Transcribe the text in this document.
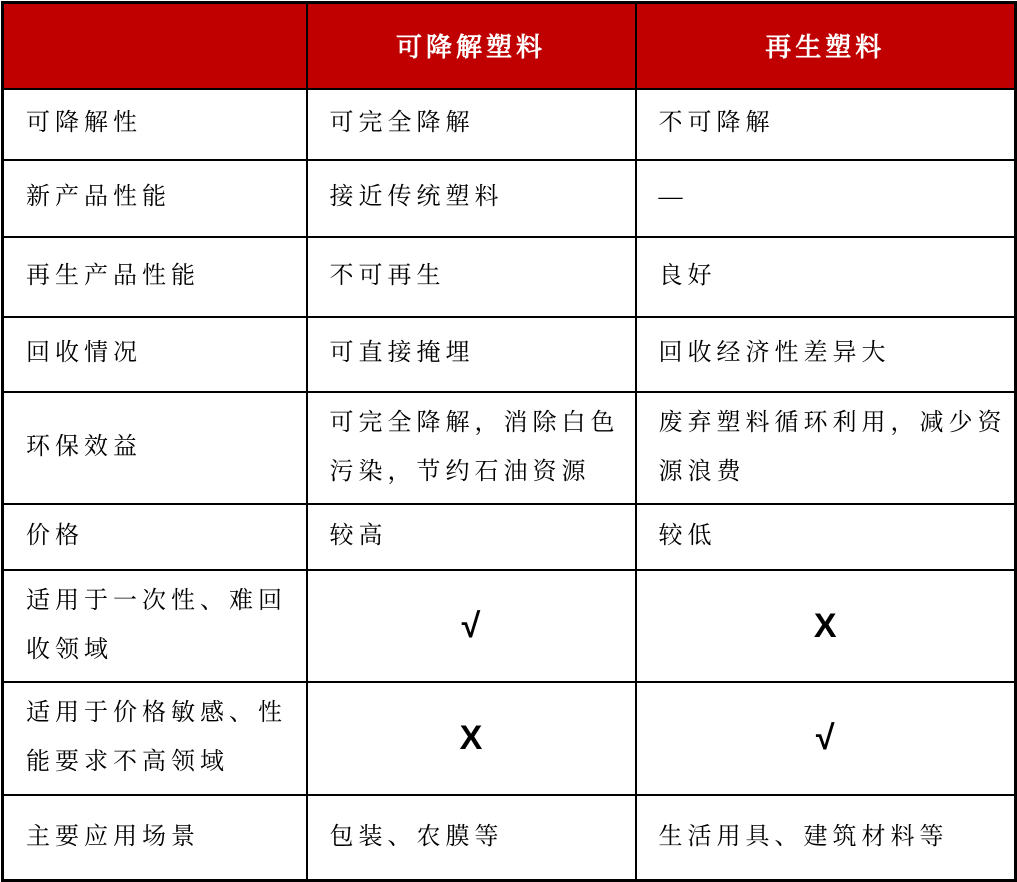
	可降解塑料	再生塑料
可降解性	可完全降解	不可降解
新产品性能	接近传统塑料	—
再生产品性能	不可再生	良好
回收情况	可直接掩埋	回收经济性差异大
环保效益	可完全降解，消除白色污染，节约石油资源	废弃塑料循环利用，减少资源浪费
价格	较高	较低
适用于一次性、难回收领域	√	X
适用于价格敏感、性能要求不高领域	X	√
主要应用场景	包装、农膜等	生活用具、建筑材料等
